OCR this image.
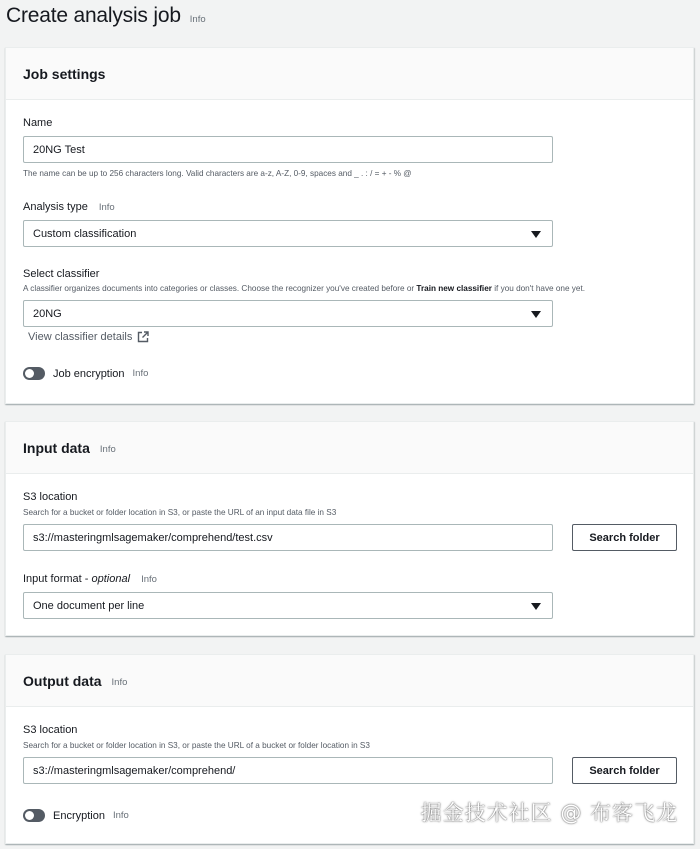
Create analysis job Info
Job settings
Name
20NG Test
The name can be up to 256 characters long. Valid characters are a-z, A-Z, 0-9, spaces and _ . : / = + - % @
Analysis type Info
Custom classification
Select classifier
A classifier organizes documents into categories or classes. Choose the recognizer you've created before or Train new classifier if you don't have one yet.
20NG
View classifier details
Job encryption Info
Input data Info
S3 location
Search for a bucket or folder location in S3, or paste the URL of an input data file in S3
s3://masteringmlsagemaker/comprehend/test.csv	Search folder
Input format - optional Info
One document per line
Output data Info
S3 location
Search for a bucket or folder location in S3, or paste the URL of a bucket or folder location in S3
s3://masteringmlsagemaker/comprehend/	Search folder
Encryption Info	掘金技术社区 @ 布客飞龙
